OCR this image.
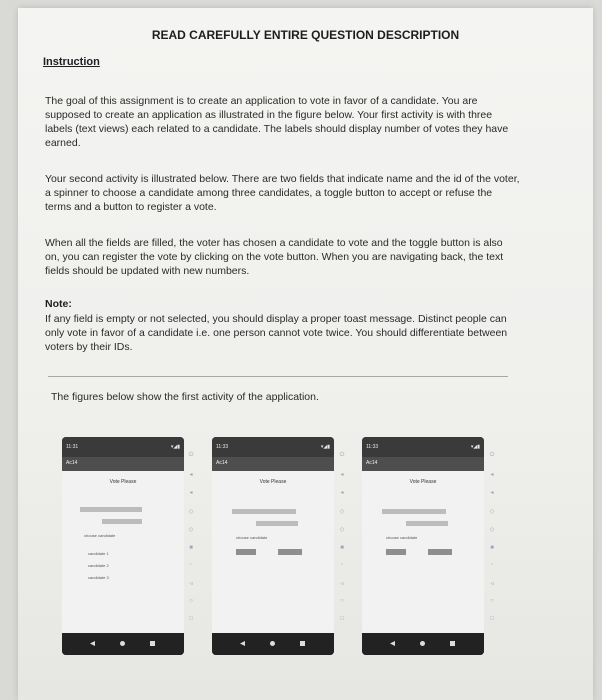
READ CAREFULLY ENTIRE QUESTION DESCRIPTION
Instruction
The goal of this assignment is to create an application to vote in favor of a candidate. You are supposed to create an application as illustrated in the figure below. Your first activity is with three labels (text views) each related to a candidate. The labels should display number of votes they have earned.
Your second activity is illustrated below. There are two fields that indicate name and the id of the voter, a spinner to choose a candidate among three candidates, a toggle button to accept or refuse the terms and a button to register a vote.
When all the fields are filled, the voter has chosen a candidate to vote and the toggle button is also on, you can register the vote by clicking on the vote button. When you are navigating back, the text fields should be updated with new numbers.
Note:
If any field is empty or not selected, you should display a proper toast message. Distinct people can only vote in favor of a candidate i.e. one person cannot vote twice. You should differentiate between voters by their IDs.
The figures below show the first activity of the application.
11:31	▾◢▮
Aс14
Vote Please
choose candidate
candidate 1
candidate 2
candidate 3
⏻
◂
◂
◇
◇
■
◦
◃
○
□
11:33	▾◢▮
Aс14
Vote Please
choose candidate
⏻
◂
◂
◇
◇
■
◦
◃
○
□
11:33	▾◢▮
Aс14
Vote Please
choose candidate
⏻
◂
◂
◇
◇
■
◦
◃
○
□
